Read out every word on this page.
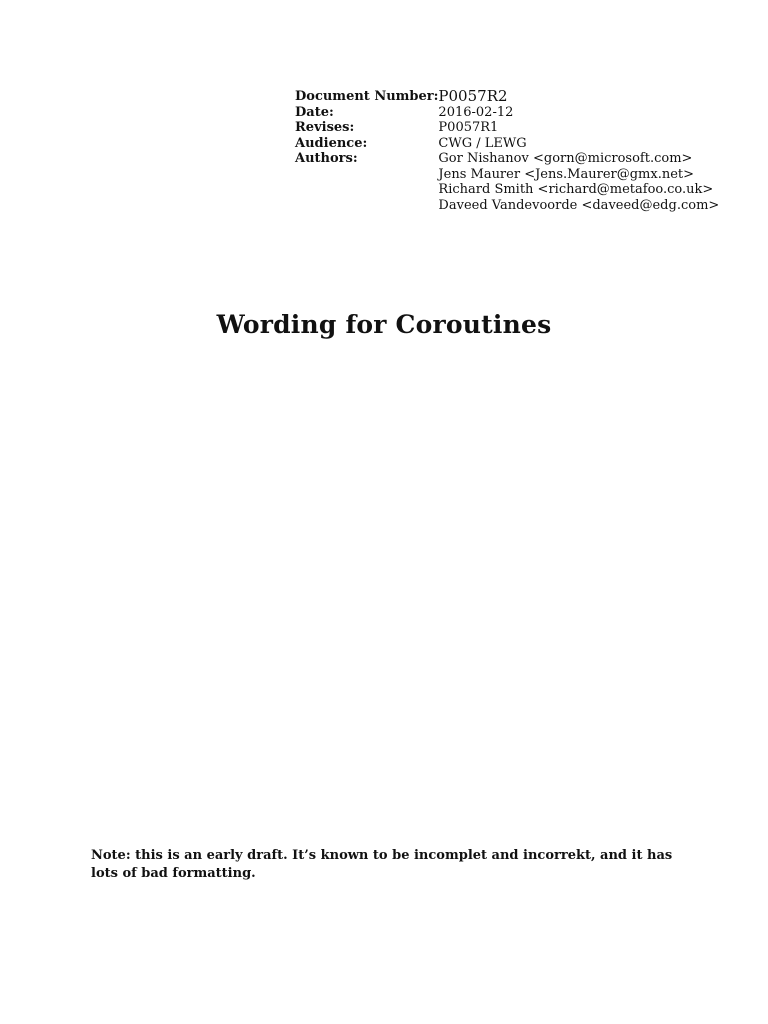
Document Number:	P0057R2
Date:	2016-02-12
Revises:	P0057R1
Audience:	CWG / LEWG
Authors:	Gor Nishanov <gorn@microsoft.com>
Jens Maurer <Jens.Maurer@gmx.net>
Richard Smith <richard@metafoo.co.uk>
Daveed Vandevoorde <daveed@edg.com>
Wording for Coroutines
Note: this is an early draft. It’s known to be incomplet and incorrekt, and it has lots of bad formatting.
